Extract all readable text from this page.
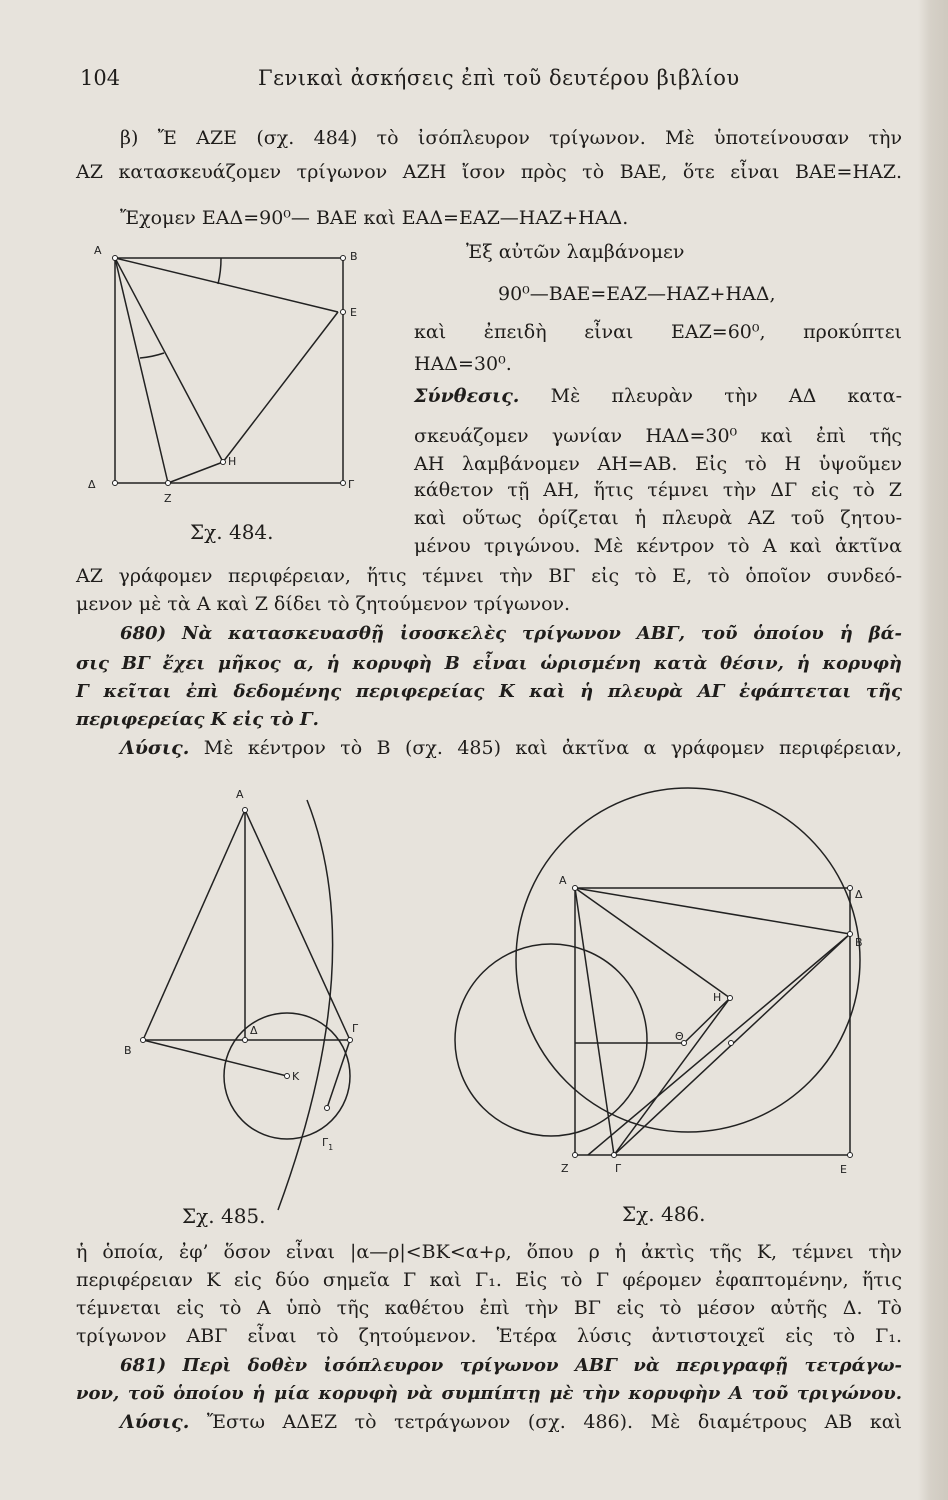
104	Γενικαὶ ἀσκήσεις ἐπὶ τοῦ δευτέρου βιβλίου
β) Ἔ ΑΖΕ (σχ. 484) τὸ ἰσόπλευρον τρίγωνον. Μὲ ὑποτείνουσαν τὴν
ΑΖ κατασκευάζομεν τρίγωνον ΑΖΗ ἴσον πρὸς τὸ ΒΑΕ, ὅτε εἶναι ΒΑΕ=ΗΑΖ.
Ἔχομεν ΕΑΔ=90⁰— ΒΑΕ καὶ ΕΑΔ=ΕΑΖ—ΗΑΖ+ΗΑΔ.
Α	Β
Ε
Η
Δ
Ζ
Γ
Σχ. 484.
Ἐξ αὐτῶν λαμβάνομεν
90⁰—ΒΑΕ=ΕΑΖ—ΗΑΖ+ΗΑΔ,
καὶ ἐπειδὴ εἶναι ΕΑΖ=60⁰, προκύπτει
ΗΑΔ=30⁰.
Σύνθεσις. Μὲ πλευρὰν τὴν ΑΔ κατα-
σκευάζομεν γωνίαν ΗΑΔ=30⁰ καὶ ἐπὶ τῆς
ΑΗ λαμβάνομεν ΑΗ=ΑΒ. Εἰς τὸ Η ὑψοῦμεν
κάθετον τῇ ΑΗ, ἥτις τέμνει τὴν ΔΓ εἰς τὸ Ζ
καὶ οὕτως ὁρίζεται ἡ πλευρὰ ΑΖ τοῦ ζητου-
μένου τριγώνου. Μὲ κέντρον τὸ Α καὶ ἀκτῖνα
ΑΖ γράφομεν περιφέρειαν, ἥτις τέμνει τὴν ΒΓ εἰς τὸ Ε, τὸ ὁποῖον συνδεό-
μενον μὲ τὰ Α καὶ Ζ δίδει τὸ ζητούμενον τρίγωνον.
680) Νὰ κατασκευασθῇ ἰσοσκελὲς τρίγωνον ΑΒΓ, τοῦ ὁποίου ἡ βά-
σις ΒΓ ἔχει μῆκος α, ἡ κορυφὴ Β εἶναι ὡρισμένη κατὰ θέσιν, ἡ κορυφὴ
Γ κεῖται ἐπὶ δεδομένης περιφερείας Κ καὶ ἡ πλευρὰ ΑΓ ἐφάπτεται τῆς
περιφερείας Κ εἰς τὸ Γ.
Λύσις. Μὲ κέντρον τὸ Β (σχ. 485) καὶ ἀκτῖνα α γράφομεν περιφέρειαν,
Α
Β
Δ	Γ
Κ
$\Gamma_1$
Σχ. 485.
Α
Δ
Β
Η
Θ
Ζ	Γ	Ε
Σχ. 486.
ἡ ὁποία, ἐφ’ ὅσον εἶναι |α—ρ|<ΒΚ<α+ρ, ὅπου ρ ἡ ἀκτὶς τῆς Κ, τέμνει τὴν
περιφέρειαν Κ εἰς δύο σημεῖα Γ καὶ Γ₁. Εἰς τὸ Γ φέρομεν ἐφαπτομένην, ἥτις
τέμνεται εἰς τὸ Α ὑπὸ τῆς καθέτου ἐπὶ τὴν ΒΓ εἰς τὸ μέσον αὐτῆς Δ. Τὸ
τρίγωνον ΑΒΓ εἶναι τὸ ζητούμενον. Ἑτέρα λύσις ἀντιστοιχεῖ εἰς τὸ Γ₁.
681) Περὶ δοθὲν ἰσόπλευρον τρίγωνον ΑΒΓ νὰ περιγραφῇ τετράγω-
νον, τοῦ ὁποίου ἡ μία κορυφὴ νὰ συμπίπτῃ μὲ τὴν κορυφὴν Α τοῦ τριγώνου.
Λύσις. Ἔστω ΑΔΕΖ τὸ τετράγωνον (σχ. 486). Μὲ διαμέτρους ΑΒ καὶ
